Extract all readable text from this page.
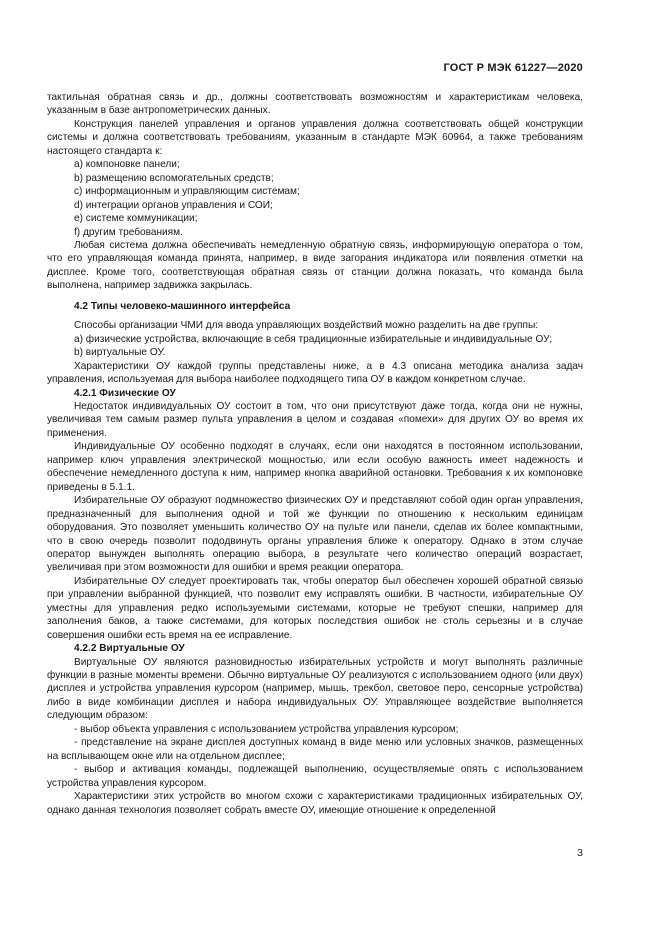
ГОСТ Р МЭК 61227—2020

тактильная обратная связь и др., должны соответствовать возможностям и характеристикам человека, указанным в базе антропометрических данных.

Конструкция панелей управления и органов управления должна соответствовать общей конструкции системы и должна соответствовать требованиям, указанным в стандарте МЭК 60964, а также требованиям настоящего стандарта к:

a) компоновке панели;

b) размещению вспомогательных средств;

c) информационным и управляющим системам;

d) интеграции органов управления и СОИ;

e) системе коммуникации;

f) другим требованиям.

Любая система должна обеспечивать немедленную обратную связь, информирующую оператора о том, что его управляющая команда принята, например, в виде загорания индикатора или появления отметки на дисплее. Кроме того, соответствующая обратная связь от станции должна показать, что команда была выполнена, например задвижка закрылась.

4.2 Типы человеко-машинного интерфейса

Способы организации ЧМИ для ввода управляющих воздействий можно разделить на две группы:

a) физические устройства, включающие в себя традиционные избирательные и индивидуальные ОУ;

b) виртуальные ОУ.

Характеристики ОУ каждой группы представлены ниже, а в 4.3 описана методика анализа задач управления, используемая для выбора наиболее подходящего типа ОУ в каждом конкретном случае.

4.2.1 Физические ОУ

Недостаток индивидуальных ОУ состоит в том, что они присутствуют даже тогда, когда они не нужны, увеличивая тем самым размер пульта управления в целом и создавая «помехи» для других ОУ во время их применения.

Индивидуальные ОУ особенно подходят в случаях, если они находятся в постоянном использовании, например ключ управления электрической мощностью, или если особую важность имеет надежность и обеспечение немедленного доступа к ним, например кнопка аварийной остановки. Требования к их компоновке приведены в 5.1.1.

Избирательные ОУ образуют подмножество физических ОУ и представляют собой один орган управления, предназначенный для выполнения одной и той же функции по отношению к нескольким единицам оборудования. Это позволяет уменьшить количество ОУ на пульте или панели, сделав их более компактными, что в свою очередь позволит пододвинуть органы управления ближе к оператору. Однако в этом случае оператор вынужден выполнять операцию выбора, в результате чего количество операций возрастает, увеличивая при этом возможности для ошибки и время реакции оператора.

Избирательные ОУ следует проектировать так, чтобы оператор был обеспечен хорошей обратной связью при управлении выбранной функцией, что позволит ему исправлять ошибки. В частности, избирательные ОУ уместны для управления редко используемыми системами, которые не требуют спешки, например для заполнения баков, а также системами, для которых последствия ошибок не столь серьезны и в случае совершения ошибки есть время на ее исправление.

4.2.2 Виртуальные ОУ

Виртуальные ОУ являются разновидностью избирательных устройств и могут выполнять различные функции в разные моменты времени. Обычно виртуальные ОУ реализуются с использованием одного (или двух) дисплея и устройства управления курсором (например, мышь, трекбол, световое перо, сенсорные устройства) либо в виде комбинации дисплея и набора индивидуальных ОУ. Управляющее воздействие выполняется следующим образом:

- выбор объекта управления с использованием устройства управления курсором;

- представление на экране дисплея доступных команд в виде меню или условных значков, размещенных на всплывающем окне или на отдельном дисплее;

- выбор и активация команды, подлежащей выполнению, осуществляемые опять с использованием устройства управления курсором.

Характеристики этих устройств во многом схожи с характеристиками традиционных избирательных ОУ, однако данная технология позволяет собрать вместе ОУ, имеющие отношение к определенной

3
